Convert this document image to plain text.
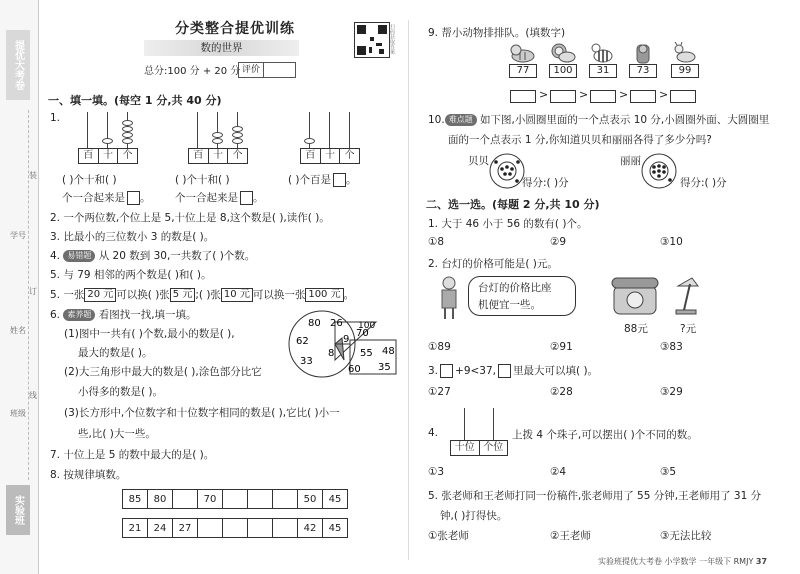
提优大考卷
实验班
班级
姓名
学号
装
订
线
分类整合提优训练
数的世界
总分:100 分 + 20 分 评价
扫码获取答案
一、填一填。(每空 1 分,共 40 分)
1.
百 十 个	百 十 个	百 十 个
( )个十和( )	( )个十和( )	( )个百是 。
个一合起来是 。 个一合起来是 。
2. 一个两位数,个位上是 5,十位上是 8,这个数是( ),读作( )。
3. 比最小的三位数小 3 的数是( )。
4. 易错题 从 20 数到 30,一共数了( )个数。
5. 与 79 相邻的两个数是( )和( )。
5. 一张 20 元 可以换( )张 5 元 ;( )张 10 元 可以换一张 100 元 。
6. 素养题 看图找一找,填一填。
(1)图中一共有( )个数,最小的数是( ),
最大的数是( )。
(2)大三角形中最大的数是( ),涂色部分比它
小得多的数是( )。
(3)长方形中,个位数字和十位数字相同的数是( ),它比( )小一
些,比( )大一些。
80 26
70
62	9
100
33
8	55 48
60 35
7. 十位上是 5 的数中最大的是( )。
8. 按规律填数。
85	80		70				50	45
21	24	27					42	45
9. 帮小动物排排队。(填数字)
77	100	31	73	99
>	>	>	>
10. 难点题 如下图,小圆圈里面的一个点表示 10 分,小圆圈外面、大圆圈里
面的一个点表示 1 分,你知道贝贝和丽丽各得了多少分吗?
贝贝
得分:( )分
丽丽
得分:( )分
二、选一选。(每题 2 分,共 10 分)
1. 大于 46 小于 56 的数有( )个。
①8	②9	③10
2. 台灯的价格可能是( )元。
台灯的价格比座
机便宜一些。
88元	?元
①89	②91	③83
3. +9<37, 里最大可以填( )。
①27	②28	③29
4.
十位 个位
上拨 4 个珠子,可以摆出( )个不同的数。
①3	②4	③5
5. 张老师和王老师打同一份稿件,张老师用了 55 分钟,王老师用了 31 分
钟,( )打得快。
①张老师	②王老师	③无法比较
实验班提优大考卷 小学数学 一年级下 RMJY 37
